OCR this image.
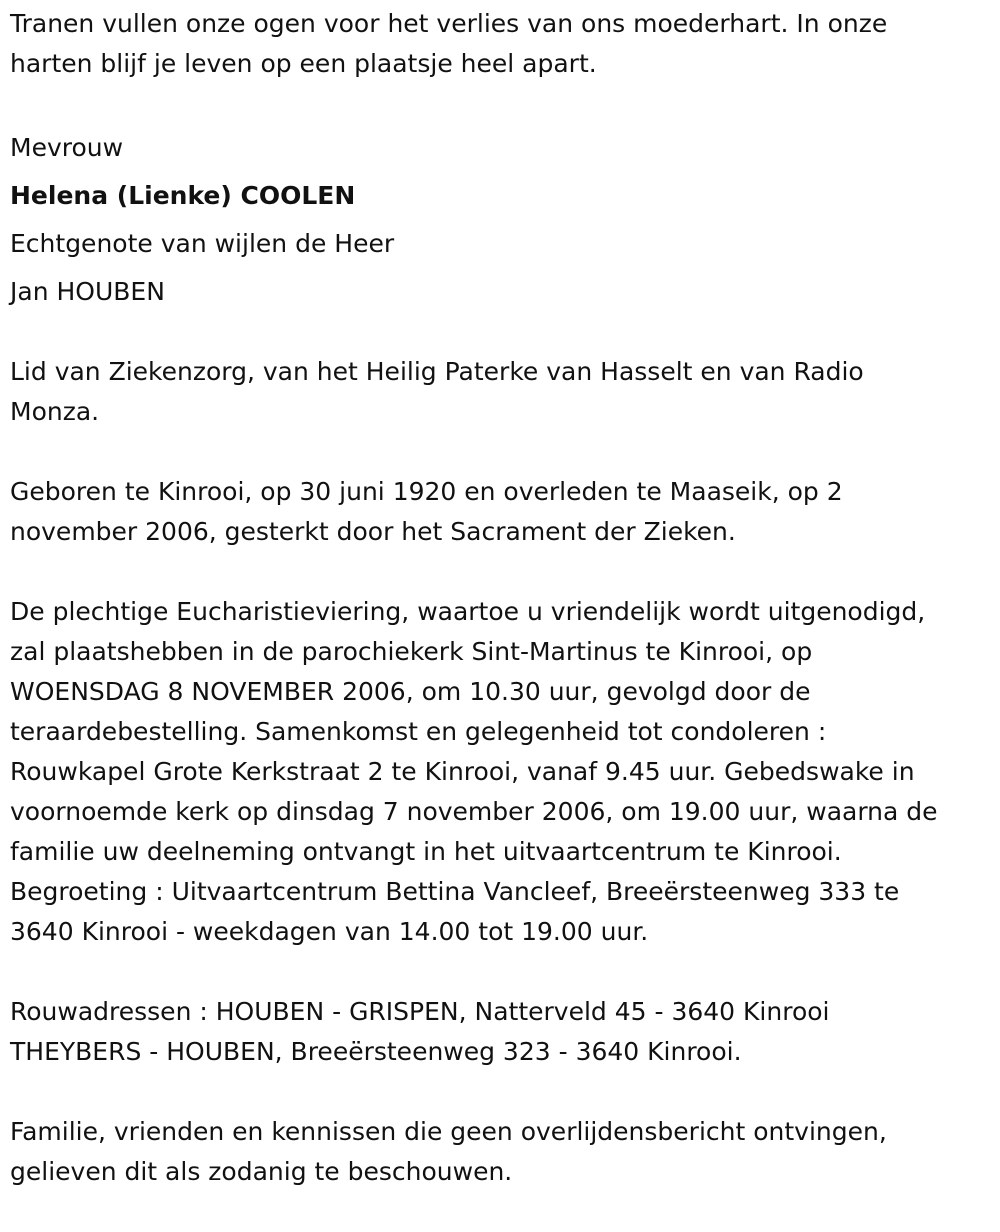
Tranen vullen onze ogen voor het verlies van ons moederhart. In onze
harten blijf je leven op een plaatsje heel apart.
Mevrouw
Helena (Lienke) COOLEN
Echtgenote van wijlen de Heer
Jan HOUBEN
Lid van Ziekenzorg, van het Heilig Paterke van Hasselt en van Radio
Monza.
Geboren te Kinrooi, op 30 juni 1920 en overleden te Maaseik, op 2
november 2006, gesterkt door het Sacrament der Zieken.
De plechtige Eucharistieviering, waartoe u vriendelijk wordt uitgenodigd,
zal plaatshebben in de parochiekerk Sint-Martinus te Kinrooi, op
WOENSDAG 8 NOVEMBER 2006, om 10.30 uur, gevolgd door de
teraardebestelling. Samenkomst en gelegenheid tot condoleren :
Rouwkapel Grote Kerkstraat 2 te Kinrooi, vanaf 9.45 uur. Gebedswake in
voornoemde kerk op dinsdag 7 november 2006, om 19.00 uur, waarna de
familie uw deelneming ontvangt in het uitvaartcentrum te Kinrooi.
Begroeting : Uitvaartcentrum Bettina Vancleef, Breeërsteenweg 333 te
3640 Kinrooi - weekdagen van 14.00 tot 19.00 uur.
Rouwadressen : HOUBEN - GRISPEN, Natterveld 45 - 3640 Kinrooi
THEYBERS - HOUBEN, Breeërsteenweg 323 - 3640 Kinrooi.
Familie, vrienden en kennissen die geen overlijdensbericht ontvingen,
gelieven dit als zodanig te beschouwen.
